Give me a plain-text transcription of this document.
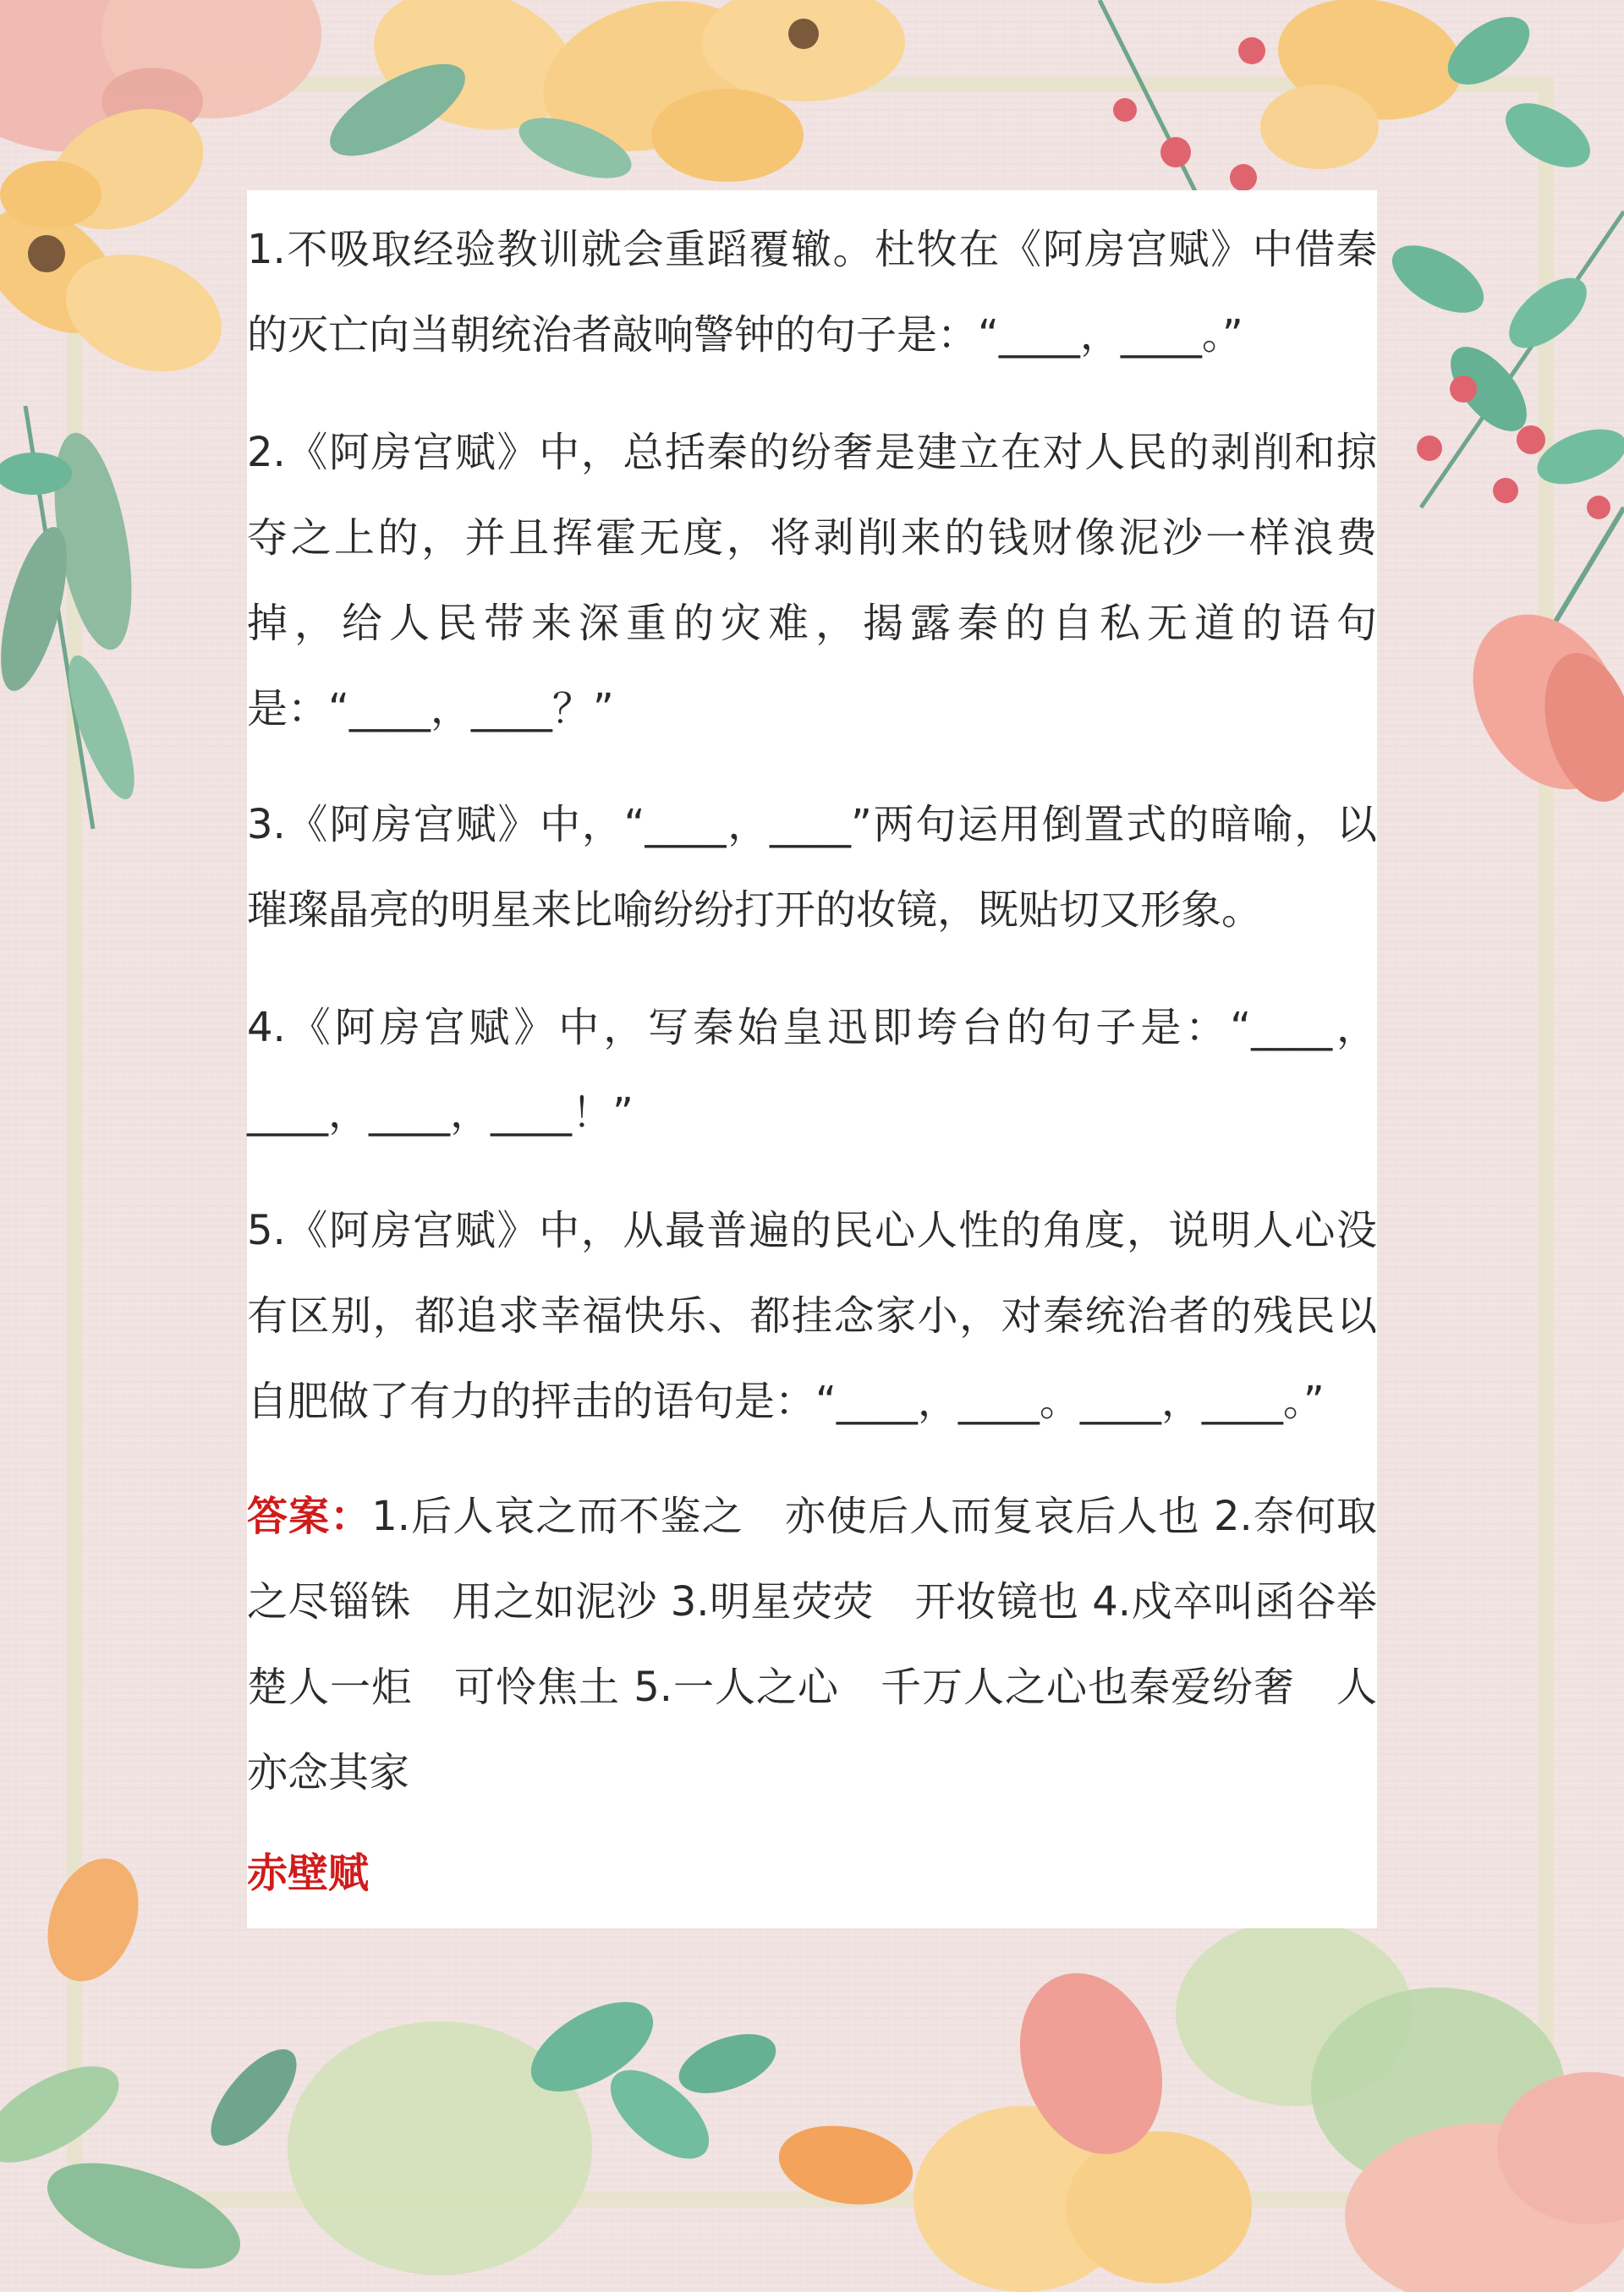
1.不吸取经验教训就会重蹈覆辙。杜牧在《阿房宫赋》中借秦的灭亡向当朝统治者敲响警钟的句子是：“____，____。”
2.《阿房宫赋》中，总括秦的纷奢是建立在对人民的剥削和掠夺之上的，并且挥霍无度，将剥削来的钱财像泥沙一样浪费掉，给人民带来深重的灾难，揭露秦的自私无道的语句是：“____，____？”
3.《阿房宫赋》中，“____，____”两句运用倒置式的暗喻，以璀璨晶亮的明星来比喻纷纷打开的妆镜，既贴切又形象。
4.《阿房宫赋》中，写秦始皇迅即垮台的句子是：“____，____，____，____！”
5.《阿房宫赋》中，从最普遍的民心人性的角度，说明人心没有区别，都追求幸福快乐、都挂念家小，对秦统治者的残民以自肥做了有力的抨击的语句是：“____，____。____，____。”
答案：1.后人哀之而不鉴之　亦使后人而复哀后人也 2.奈何取之尽锱铢　用之如泥沙 3.明星荧荧　开妆镜也 4.戍卒叫函谷举　楚人一炬　可怜焦土 5.一人之心　千万人之心也秦爱纷奢　人亦念其家
赤壁赋
